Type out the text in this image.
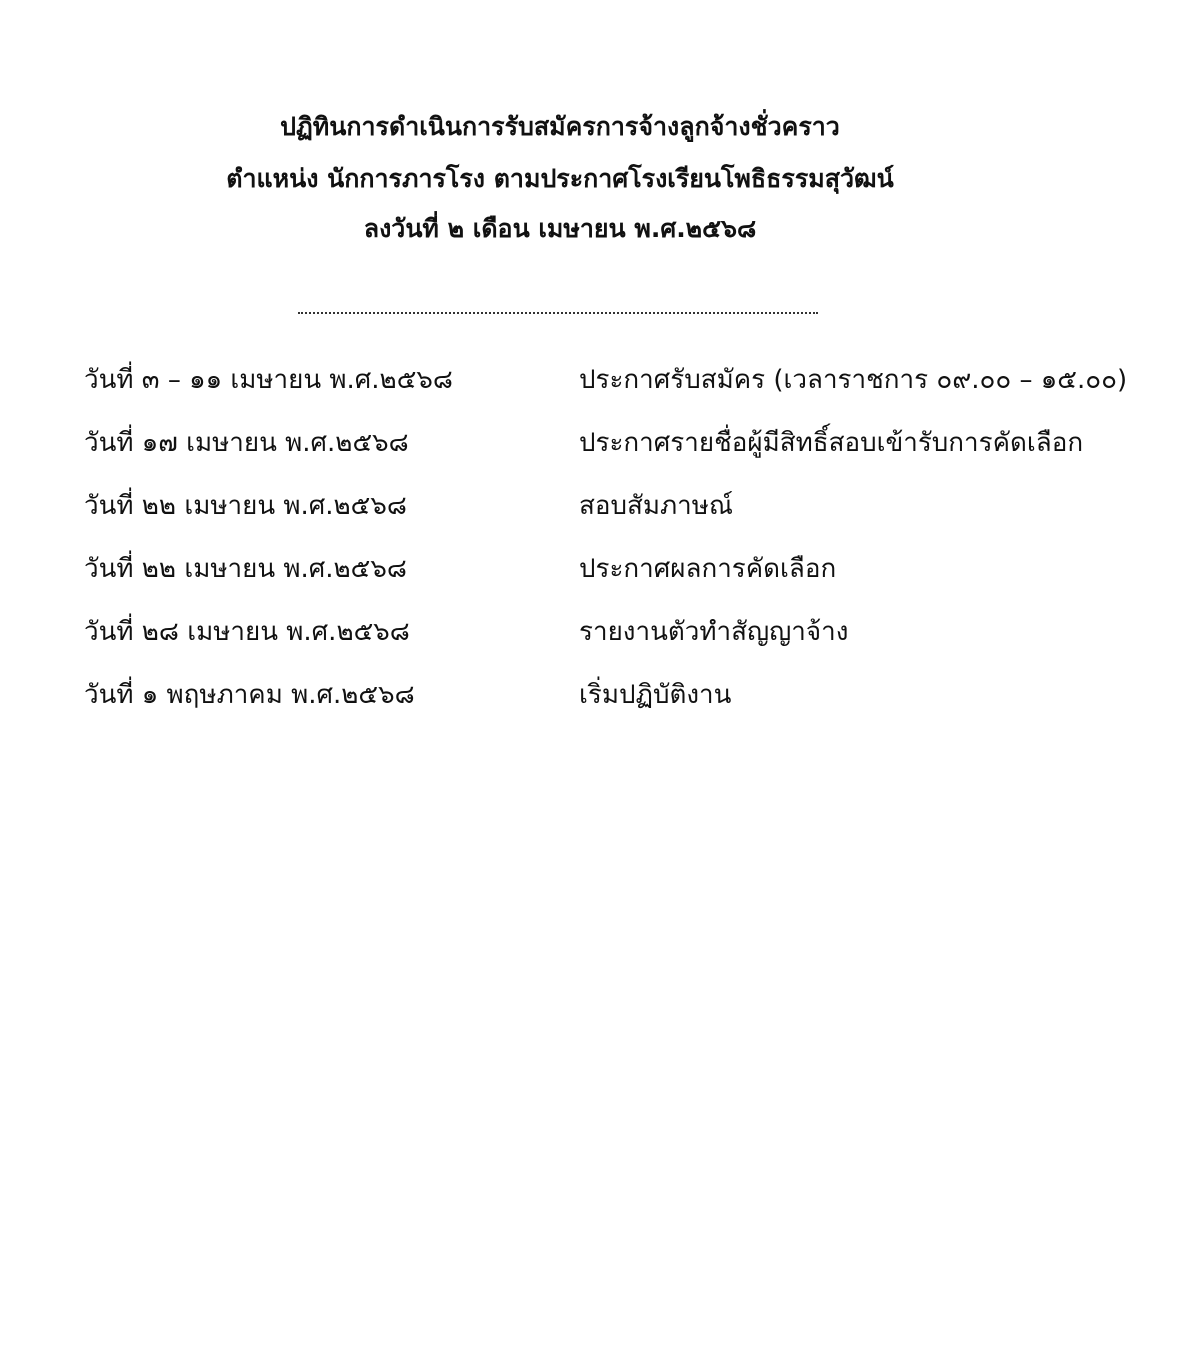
ปฏิทินการดำเนินการรับสมัครการจ้างลูกจ้างชั่วคราว
ตำแหน่ง นักการภารโรง ตามประกาศโรงเรียนโพธิธรรมสุวัฒน์
ลงวันที่ ๒ เดือน เมษายน พ.ศ.๒๕๖๘
วันที่ ๓ – ๑๑ เมษายน พ.ศ.๒๕๖๘	ประกาศรับสมัคร (เวลาราชการ ๐๙.๐๐ – ๑๕.๐๐)
วันที่ ๑๗ เมษายน พ.ศ.๒๕๖๘	ประกาศรายชื่อผู้มีสิทธิ์สอบเข้ารับการคัดเลือก
วันที่ ๒๒ เมษายน พ.ศ.๒๕๖๘	สอบสัมภาษณ์
วันที่ ๒๒ เมษายน พ.ศ.๒๕๖๘	ประกาศผลการคัดเลือก
วันที่ ๒๘ เมษายน พ.ศ.๒๕๖๘	รายงานตัวทำสัญญาจ้าง
วันที่ ๑ พฤษภาคม พ.ศ.๒๕๖๘	เริ่มปฏิบัติงาน
